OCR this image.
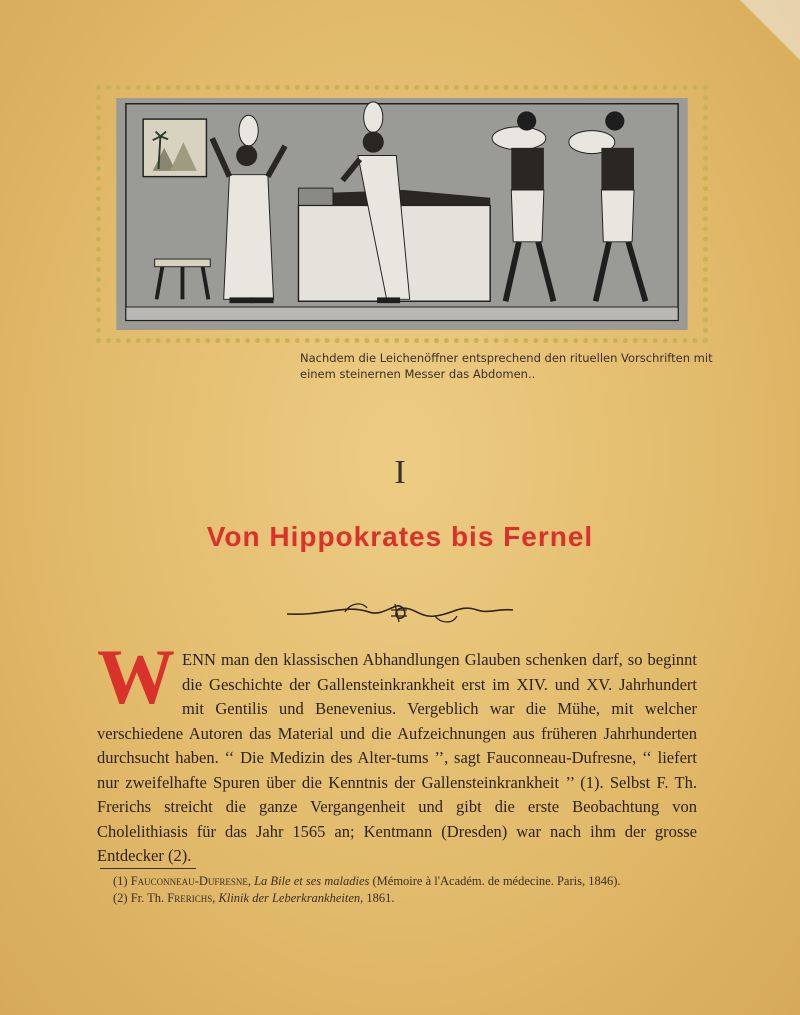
Nachdem die Leichenöffner entsprechend den rituellen Vorschriften mit einem steinernen Messer das Abdomen..

I
Von Hippokrates bis Fernel

WENN man den klassischen Abhandlungen Glauben schenken darf, so beginnt die Geschichte der Gallensteinkrankheit erst im XIV. und XV. Jahrhundert mit Gentilis und Benevenius. Vergeblich war die Mühe, mit welcher verschiedene Autoren das Material und die Aufzeichnungen aus früheren Jahrhunderten durchsucht haben. ‘‘ Die Medizin des Alter-tums ’’, sagt Fauconneau-Dufresne, ‘‘ liefert nur zweifelhafte Spuren über die Kenntnis der Gallensteinkrankheit ’’ (1). Selbst F. Th. Frerichs streicht die ganze Vergangenheit und gibt die erste Beobachtung von Cholelithiasis für das Jahr 1565 an; Kentmann (Dresden) war nach ihm der grosse Entdecker (2).

(1) Fauconneau-Dufresne, La Bile et ses maladies (Mémoire à l'Académ. de médecine. Paris, 1846).

(2) Fr. Th. Frerichs, Klinik der Leberkrankheiten, 1861.
